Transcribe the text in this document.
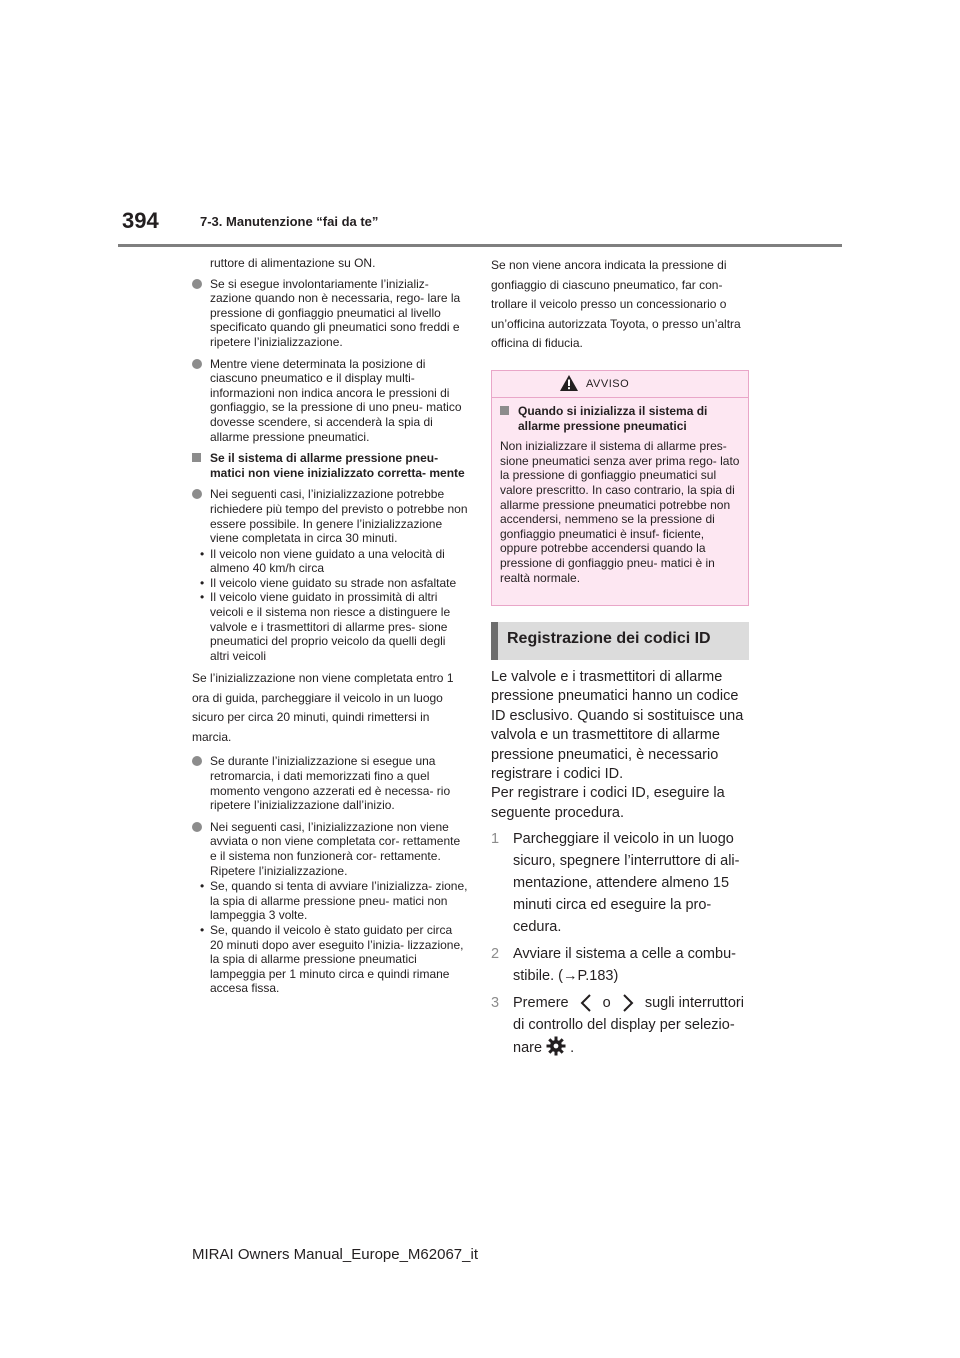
394	7-3. Manutenzione “fai da te”

ruttore di alimentazione su ON.

Se si esegue involontariamente l’inizializ- zazione quando non è necessaria, rego- lare la pressione di gonfiaggio pneumatici al livello specificato quando gli pneumatici sono freddi e ripetere l’inizializzazione.
Mentre viene determinata la posizione di ciascuno pneumatico e il display multi- informazioni non indica ancora le pressioni di gonfiaggio, se la pressione di uno pneu- matico dovesse scendere, si accenderà la spia di allarme pressione pneumatici.
Se il sistema di allarme pressione pneu- matici non viene inizializzato corretta- mente
Nei seguenti casi, l’inizializzazione potrebbe richiedere più tempo del previsto o potrebbe non essere possibile. In genere l’inizializzazione viene completata in circa 30 minuti.
• Il veicolo non viene guidato a una velocità di almeno 40 km/h circa
• Il veicolo viene guidato su strade non asfaltate
• Il veicolo viene guidato in prossimità di altri veicoli e il sistema non riesce a distinguere le valvole e i trasmettitori di allarme pres- sione pneumatici del proprio veicolo da quelli degli altri veicoli

Se l’inizializzazione non viene completata entro 1 ora di guida, parcheggiare il veicolo in un luogo sicuro per circa 20 minuti, quindi rimettersi in marcia.

Se durante l’inizializzazione si esegue una retromarcia, i dati memorizzati fino a quel momento vengono azzerati ed è necessa- rio ripetere l’inizializzazione dall’inizio.
Nei seguenti casi, l’inizializzazione non viene avviata o non viene completata cor- rettamente e il sistema non funzionerà cor- rettamente. Ripetere l’inizializzazione.
• Se, quando si tenta di avviare l’inizializza- zione, la spia di allarme pressione pneu- matici non lampeggia 3 volte.
• Se, quando il veicolo è stato guidato per circa 20 minuti dopo aver eseguito l’inizia- lizzazione, la spia di allarme pressione pneumatici lampeggia per 1 minuto circa e quindi rimane accesa fissa.

Se non viene ancora indicata la pressione di gonfiaggio di ciascuno pneumatico, far con- trollare il veicolo presso un concessionario o un’officina autorizzata Toyota, o presso un’altra officina di fiducia.

AVVISO
Quando si inizializza il sistema di allarme pressione pneumatici
Non inizializzare il sistema di allarme pres- sione pneumatici senza aver prima rego- lato la pressione di gonfiaggio pneumatici sul valore prescritto. In caso contrario, la spia di allarme pressione pneumatici potrebbe non accendersi, nemmeno se la pressione di gonfiaggio pneumatici è insuf- ficiente, oppure potrebbe accendersi quando la pressione di gonfiaggio pneu- matici è in realtà normale.
Registrazione dei codici ID
Le valvole e i trasmettitori di allarme pressione pneumatici hanno un codice ID esclusivo. Quando si sostituisce una valvola e un trasmettitore di allarme pressione pneumatici, è necessario registrare i codici ID.
Per registrare i codici ID, eseguire la seguente procedura.
1 Parcheggiare il veicolo in un luogo sicuro, spegnere l’interruttore di ali- mentazione, attendere almeno 15 minuti circa ed eseguire la pro- cedura.
2 Avviare il sistema a celle a combu- stibile. (→P.183)
3 Premere o sugli interruttori
di controllo del display per selezio-
nare .
MIRAI Owners Manual_Europe_M62067_it
